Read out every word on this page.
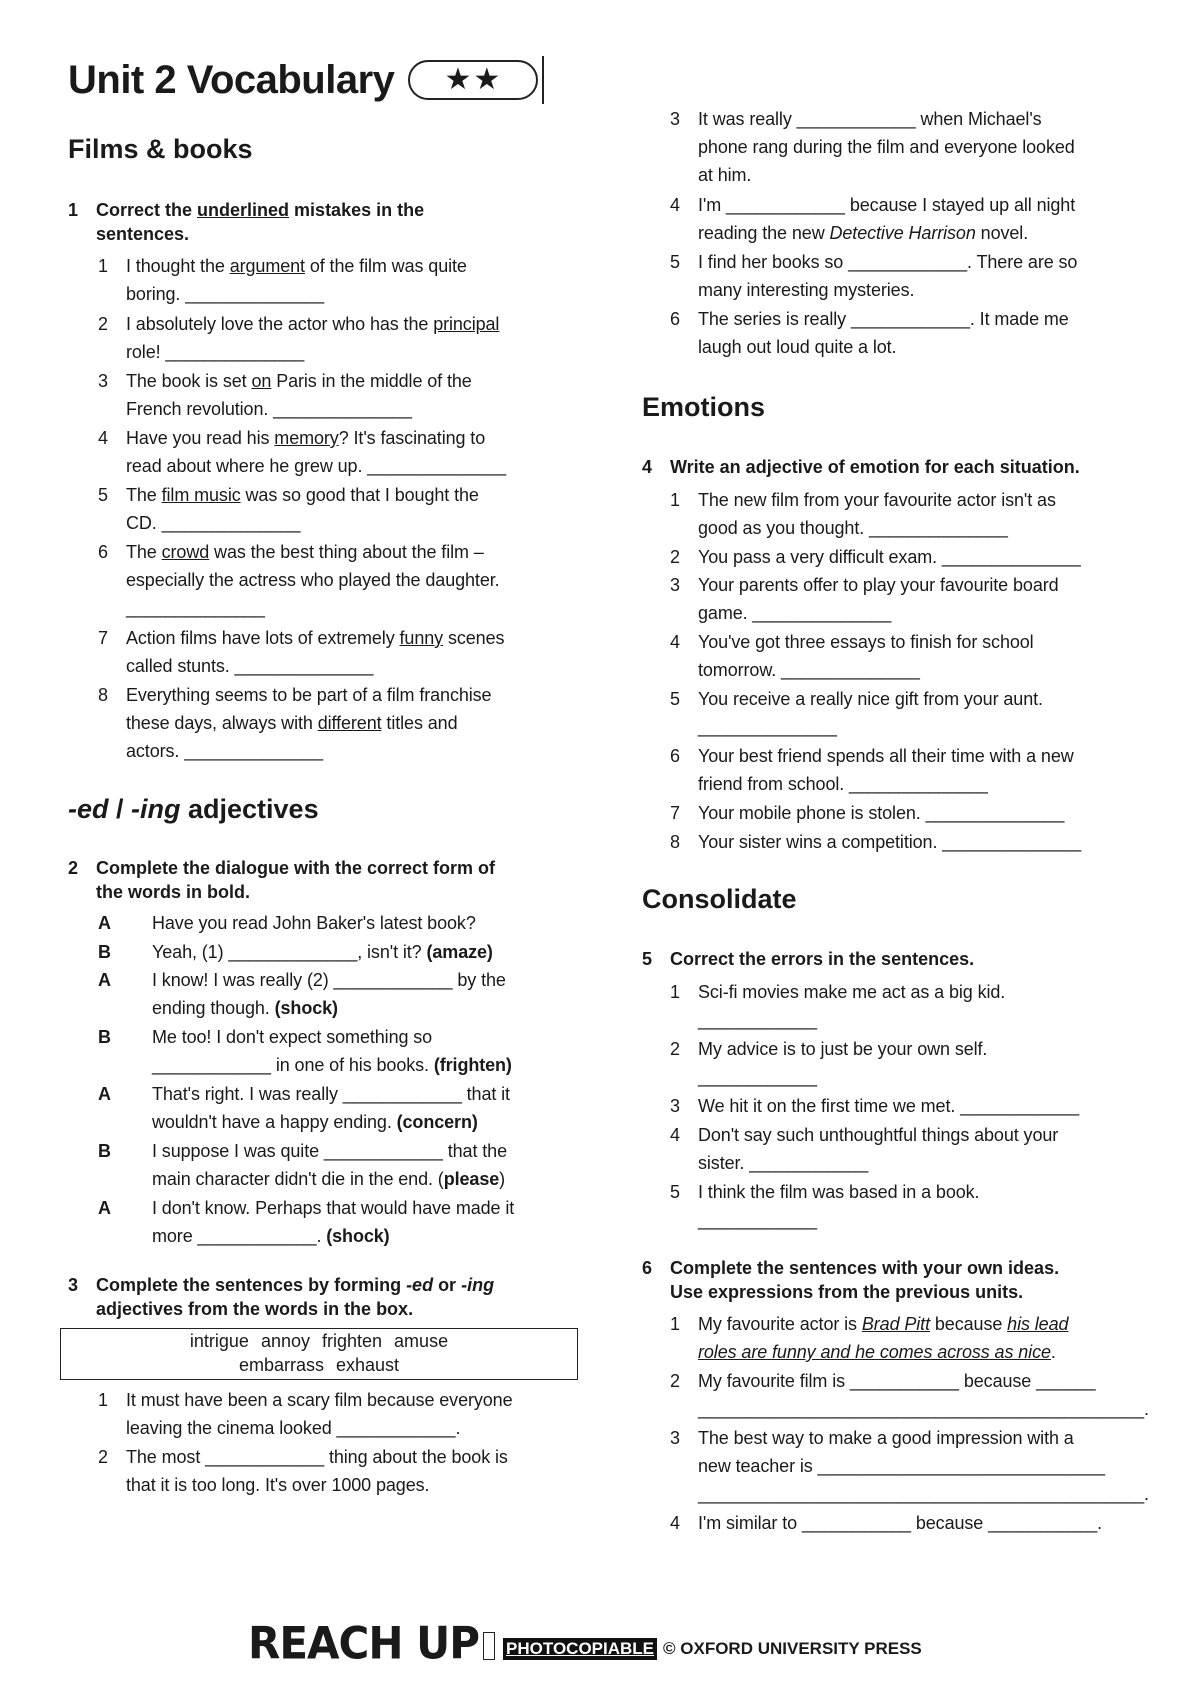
Unit 2 Vocabulary	★★
Films & books
1 Correct the underlined mistakes in the
sentences.
1 I thought the argument of the film was quite
boring. ______________
2 I absolutely love the actor who has the principal
role! ______________
3 The book is set on Paris in the middle of the
French revolution. ______________
4 Have you read his memory? It's fascinating to
read about where he grew up. ______________
5 The film music was so good that I bought the
CD. ______________
6 The crowd was the best thing about the film –
especially the actress who played the daughter.
______________
7 Action films have lots of extremely funny scenes
called stunts. ______________
8 Everything seems to be part of a film franchise
these days, always with different titles and
actors. ______________
-ed / -ing adjectives
2 Complete the dialogue with the correct form of
the words in bold.
A Have you read John Baker's latest book?
B Yeah, (1) _____________, isn't it? (amaze)
A I know! I was really (2) ____________ by the
ending though. (shock)
B Me too! I don't expect something so
____________ in one of his books. (frighten)
A That's right. I was really ____________ that it
wouldn't have a happy ending. (concern)
B I suppose I was quite ____________ that the
main character didn't die in the end. (please)
A I don't know. Perhaps that would have made it
more ____________. (shock)
3 Complete the sentences by forming -ed or -ing
adjectives from the words in the box.
intrigue annoy frighten amuse
embarrass exhaust
1 It must have been a scary film because everyone
leaving the cinema looked ____________.
2 The most ____________ thing about the book is
that it is too long. It's over 1000 pages.
3 It was really ____________ when Michael's
phone rang during the film and everyone looked
at him.
4 I'm ____________ because I stayed up all night
reading the new Detective Harrison novel.
5 I find her books so ____________. There are so
many interesting mysteries.
6 The series is really ____________. It made me
laugh out loud quite a lot.
Emotions
4 Write an adjective of emotion for each situation.
1 The new film from your favourite actor isn't as
good as you thought. ______________
2 You pass a very difficult exam. ______________
3 Your parents offer to play your favourite board
game. ______________
4 You've got three essays to finish for school
tomorrow. ______________
5 You receive a really nice gift from your aunt.
______________
6 Your best friend spends all their time with a new
friend from school. ______________
7 Your mobile phone is stolen. ______________
8 Your sister wins a competition. ______________
Consolidate
5 Correct the errors in the sentences.
1 Sci-fi movies make me act as a big kid.
____________
2 My advice is to just be your own self.
____________
3 We hit it on the first time we met. ____________
4 Don't say such unthoughtful things about your
sister. ____________
5 I think the film was based in a book.
____________
6 Complete the sentences with your own ideas.
Use expressions from the previous units.
1 My favourite actor is Brad Pitt because his lead
roles are funny and he comes across as nice.
2 My favourite film is ___________ because ______
_____________________________________________.
3 The best way to make a good impression with a
new teacher is _____________________________
_____________________________________________.
4 I'm similar to ___________ because ___________.
REACH UP PHOTOCOPIABLE © OXFORD UNIVERSITY PRESS
